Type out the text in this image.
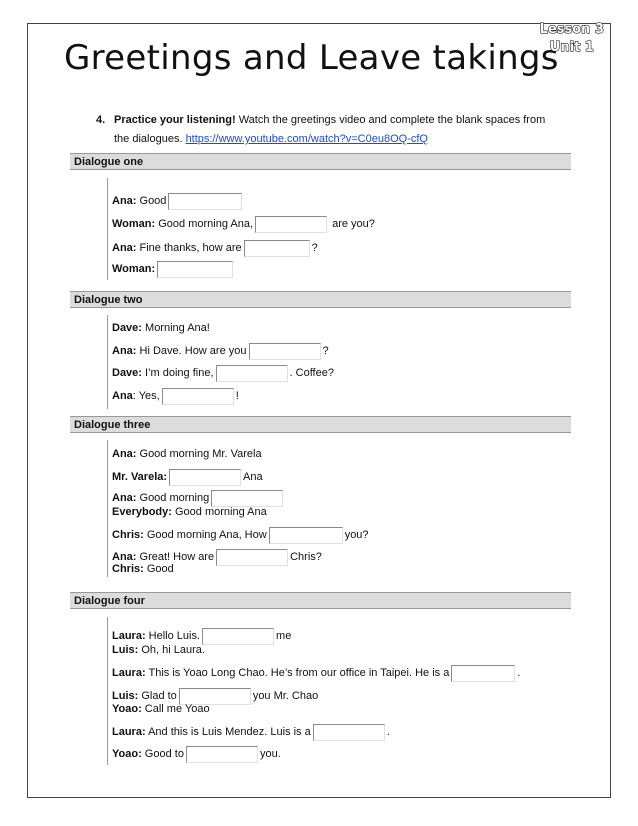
Greetings and Leave takings
Lesson 3
Unit 1
4. Practice your listening! Watch the greetings video and complete the blank spaces from the dialogues. https://www.youtube.com/watch?v=C0eu8OQ-cfQ
Dialogue one
Ana: Good
Woman: Good morning Ana,	are you?
Ana: Fine thanks, how are	?
Woman:
Dialogue two
Dave: Morning Ana!
Ana: Hi Dave. How are you	?
Dave: I’m doing fine,	. Coffee?
Ana: Yes,	!
Dialogue three
Ana: Good morning Mr. Varela
Mr. Varela:	Ana
Ana: Good morning
Everybody: Good morning Ana
Chris: Good morning Ana, How	you?
Ana: Great! How are	Chris?
Chris: Good
Dialogue four
Laura: Hello Luis.	me
Luis: Oh, hi Laura.
Laura: This is Yoao Long Chao. He’s from our office in Taipei. He is a	.
Luis: Glad to	you Mr. Chao
Yoao: Call me Yoao
Laura: And this is Luis Mendez. Luis is a	.
Yoao: Good to	you.
